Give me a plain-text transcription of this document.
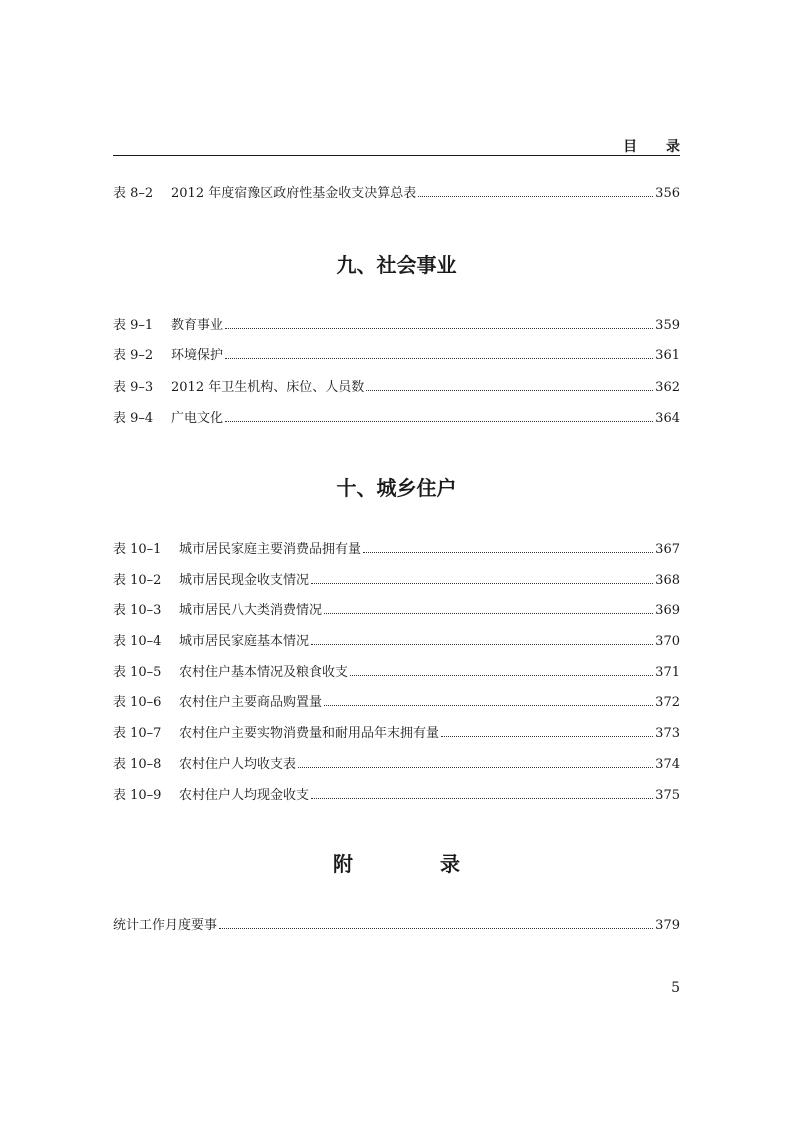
目 录
表 8–2	2012 年度宿豫区政府性基金收支决算总表	356
九、社会事业
表 9–1	教育事业	359
表 9–2	环境保护	361
表 9–3	2012 年卫生机构、床位、人员数	362
表 9–4	广电文化	364
十、城乡住户
表 10–1	城市居民家庭主要消费品拥有量	367
表 10–2	城市居民现金收支情况	368
表 10–3	城市居民八大类消费情况	369
表 10–4	城市居民家庭基本情况	370
表 10–5	农村住户基本情况及粮食收支	371
表 10–6	农村住户主要商品购置量	372
表 10–7	农村住户主要实物消费量和耐用品年末拥有量	373
表 10–8	农村住户人均收支表	374
表 10–9	农村住户人均现金收支	375
附 录
统计工作月度要事	379
5
